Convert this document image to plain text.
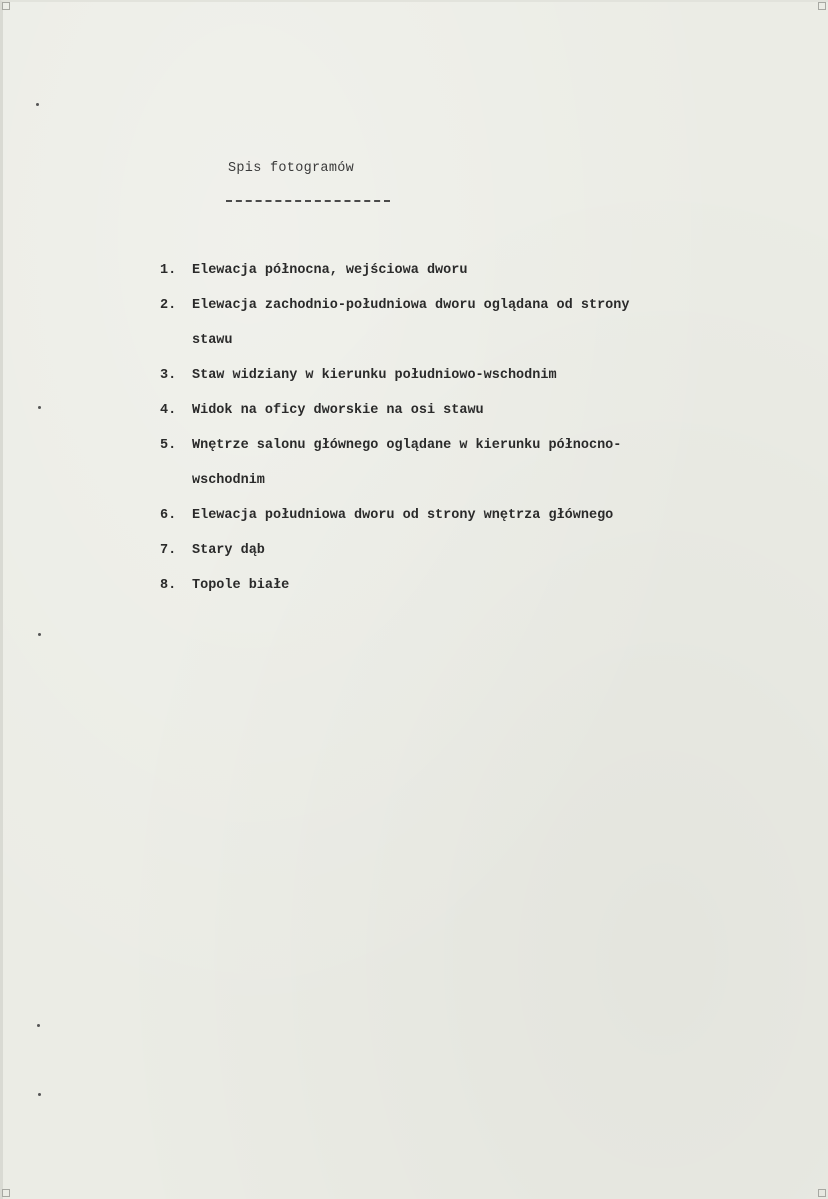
Spis fotogramów
1. Elewacja północna, wejściowa dworu
2. Elewacja zachodnio-południowa dworu oglądana od strony
stawu
3. Staw widziany w kierunku południowo-wschodnim
4. Widok na oficy dworskie na osi stawu
5. Wnętrze salonu głównego oglądane w kierunku północno-
wschodnim
6. Elewacja południowa dworu od strony wnętrza głównego
7. Stary dąb
8. Topole białe
